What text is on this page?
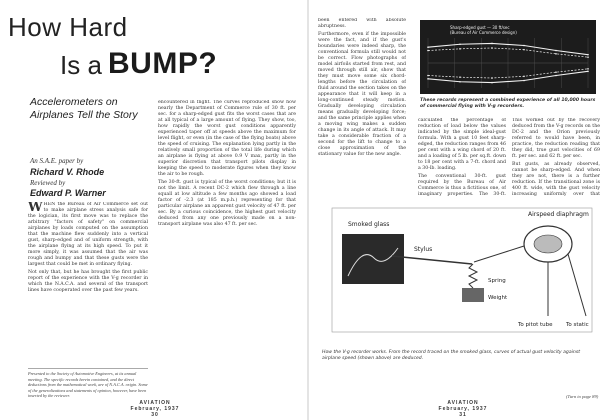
How Hard
Is a BUMP?
Accelerometers on Airplanes Tell the Story
An S.A.E. paper by
Richard V. Rhode
Reviewed by
Edward P. Warner

WHEN the Bureau of Air Commerce set out to make airplane stress analysis safe for the logician, its first move was to replace the arbitrary "factors of safety" on commercial airplanes by loads computed on the assumption that the machine flew suddenly into a vertical gust, sharp-edged and of uniform strength, with the airplane flying at its high speed. To put it more simply, it was assumed that the air was rough and bumpy and that these gusts were the largest that could be met in ordinary flying.

Not only that, but he has brought the first public report of the experience with the V-g recorder in which the N.A.C.A. and several of the transport lines have cooperated over the past few years.

Presented to the Society of Automotive Engineers, at its annual meeting. The specific records herein contained, and the direct deductions from the mathematical work, are of N.A.C.A. origin. Some of the generalizations and statements of opinion, however, have been inserted by the reviewer.

encountered in flight. The curves reproduced show how nearly the Department of Commerce rule of 30 ft. per sec. for a sharp-edged gust fits the worst cases that are at all typical of a large amount of flying. They show, too, how rapidly the worst gust conditions apparently experienced taper off at speeds above the maximum for level flight, or even (in the case of the flying boats) above the speed of cruising. The explanation lying partly in the relatively small proportion of the total life during which an airplane is flying at above 0.9 V max, partly in the superior discretion that transport pilots display in keeping the speed to moderate figures when they know the air to be rough.

The 30-ft. gust is typical of the worst conditions; but it is not the limit. A recent DC-2 which flew through a line squall at low altitude a few months ago showed a load factor of -2.3 (at 185 m.p.h.) representing for that particular airplane an apparent gust velocity of 47 ft. per sec. By a curious coincidence, the highest gust velocity deduced from any one previously made on a non-transport airplane was also 47 ft. per sec.

AVIATION
February, 1937
30

been entered with absolute abruptness.

Furthermore, even if the impossible were the fact, and if the gust's boundaries were indeed sharp, the conventional formula still would not be correct. Flow photographs of model airfoils started from rest, and moved through still air, show that they must move some six chord-lengths before the circulation of fluid around the section takes on the appearance that it will keep in a long-continued steady motion. Gradually developing circulation means gradually developing force; and the same principle applies when a moving wing makes a sudden change in its angle of attack. It may take a considerable fraction of a second for the lift to change to a close approximation of the stationary value for the new angle.

Sharp-edged gust — 30 ft/sec
(Bureau of Air Commerce design)
These records represent a combined experience of all 10,000 hours of commercial flying with V-g recorders.

calculated the percentage of reduction of load below the values indicated by the simple ideal-gust formula. With a gust 10 feet sharp-edged, the reduction ranges from 46 per cent with a wing chord of 20 ft. and a loading of 5 lb. per sq.ft. down to 18 per cent with a 7-ft. chord and a 30-lb. loading.

The conventional 30-ft. gust required by the Bureau of Air Commerce is thus a fictitious one, of imaginary properties. The 30-ft.

This worked out by the recovery deduced from the V-g records on the DC-2 and the Orion previously referred to would have been, in practice, the reduction reading that they did, true gust velocities of 69 ft. per sec. and 62 ft. per sec.

But gusts, as already observed, cannot be sharp-edged. And when they are not, there is a further reduction. If the transitional zone is 400 ft. wide, with the gust velocity increasing uniformly over that

Smoked glass
Stylus
Spring
Weight
Airspeed diaphragm
To pitot tube To static
How the V-g recorder works. From the record traced on the smoked glass, curves of actual gust velocity against airplane speed (shown above) are deduced.
(Turn to page 89)
AVIATION
February, 1937
31
